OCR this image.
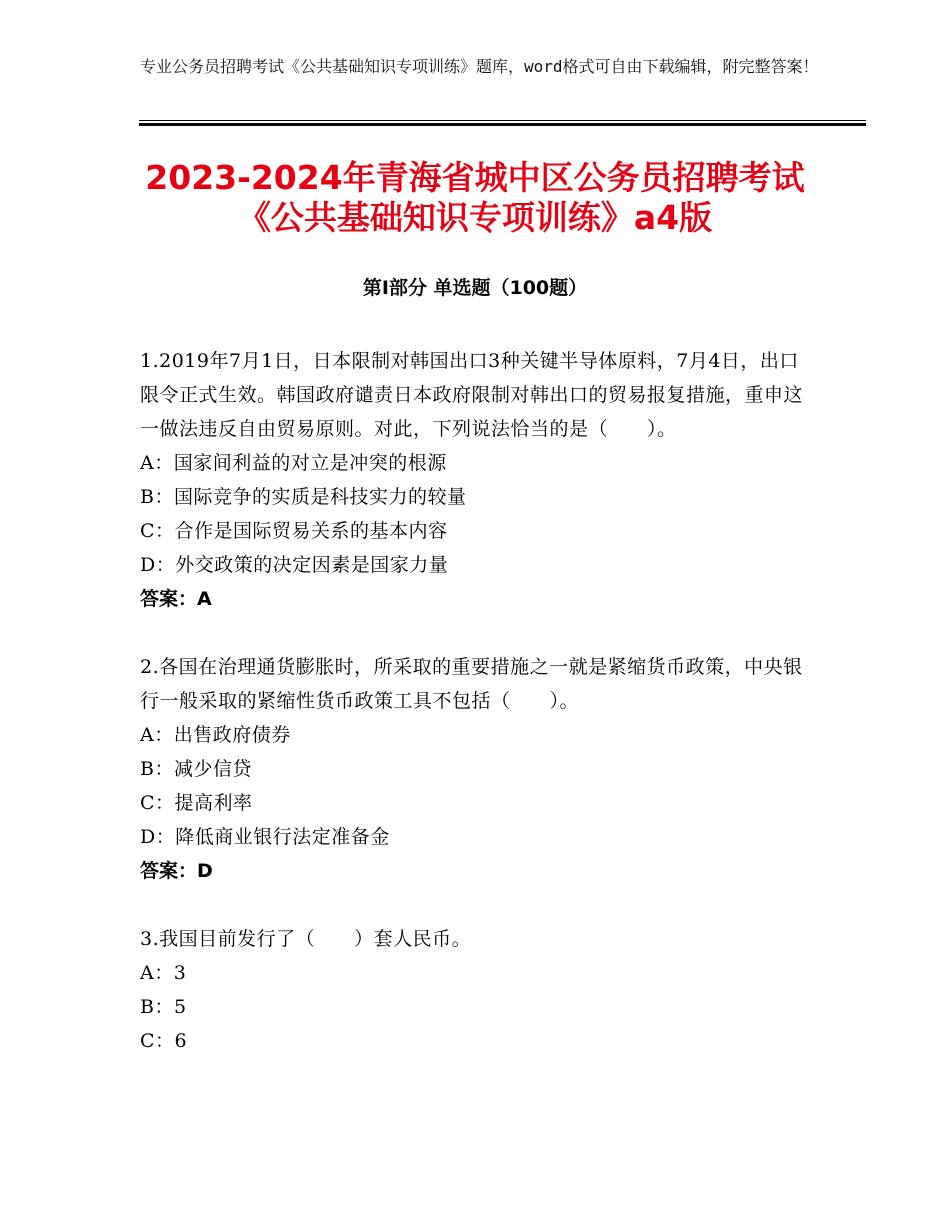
专业公务员招聘考试《公共基础知识专项训练》题库，word格式可自由下载编辑，附完整答案！
2023-2024年青海省城中区公务员招聘考试
《公共基础知识专项训练》a4版
第Ⅰ部分 单选题（100题）

1.2019年7月1日，日本限制对韩国出口3种关键半导体原料，7月4日，出口限令正式生效。韩国政府谴责日本政府限制对韩出口的贸易报复措施，重申这一做法违反自由贸易原则。对此，下列说法恰当的是（　　）。

A：国家间利益的对立是冲突的根源

B：国际竞争的实质是科技实力的较量

C：合作是国际贸易关系的基本内容

D：外交政策的决定因素是国家力量

答案：A

2.各国在治理通货膨胀时，所采取的重要措施之一就是紧缩货币政策，中央银行一般采取的紧缩性货币政策工具不包括（　　）。

A：出售政府债券

B：减少信贷

C：提高利率

D：降低商业银行法定准备金

答案：D

3.我国目前发行了（　　）套人民币。

A：3

B：5

C：6
